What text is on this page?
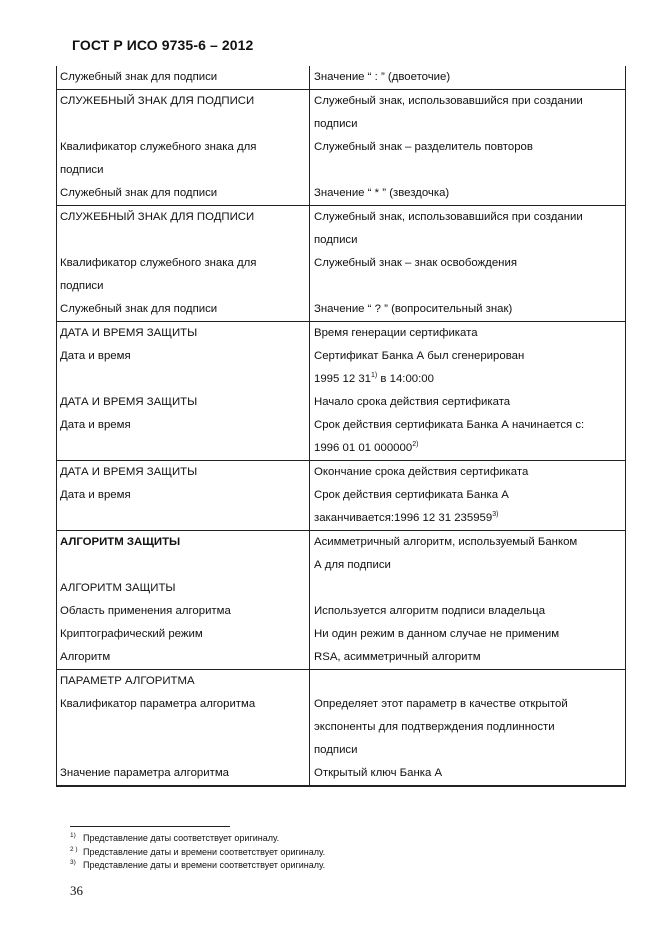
ГОСТ Р ИСО 9735-6 – 2012
Служебный знак для подписи	Значение “ : ” (двоеточие)
СЛУЖЕБНЫЙ ЗНАК ДЛЯ ПОДПИСИ	Служебный знак, использовавшийся при создании
подписи
Квалификатор служебного знака для	Служебный знак – разделитель повторов
подписи
Служебный знак для подписи	Значение “ * ” (звездочка)
СЛУЖЕБНЫЙ ЗНАК ДЛЯ ПОДПИСИ	Служебный знак, использовавшийся при создании
подписи
Квалификатор служебного знака для	Служебный знак – знак освобождения
подписи
Служебный знак для подписи	Значение “ ? ” (вопросительный знак)
ДАТА И ВРЕМЯ ЗАЩИТЫ	Время генерации сертификата
Дата и время	Сертификат Банка А был сгенерирован
1995 12 31$^{1)}$ в 14:00:00
ДАТА И ВРЕМЯ ЗАЩИТЫ	Начало срока действия сертификата
Дата и время	Срок действия сертификата Банка А начинается с:
1996 01 01 000000$^{2)}$
ДАТА И ВРЕМЯ ЗАЩИТЫ	Окончание срока действия сертификата
Дата и время	Срок действия сертификата Банка А
заканчивается:1996 12 31 235959$^{3)}$
АЛГОРИТМ ЗАЩИТЫ	Асимметричный алгоритм, используемый Банком
А для подписи
АЛГОРИТМ ЗАЩИТЫ
Область применения алгоритма	Используется алгоритм подписи владельца
Криптографический режим	Ни один режим в данном случае не применим
Алгоритм	RSA, асимметричный алгоритм
ПАРАМЕТР АЛГОРИТМА
Квалификатор параметра алгоритма	Определяет этот параметр в качестве открытой
экспоненты для подтверждения подлинности
подписи
Значение параметра алгоритма	Открытый ключ Банка А
1) Представление даты соответствует оригиналу.
2 ) Представление даты и времени соответствует оригиналу.
3) Представление даты и времени соответствует оригиналу.
36
